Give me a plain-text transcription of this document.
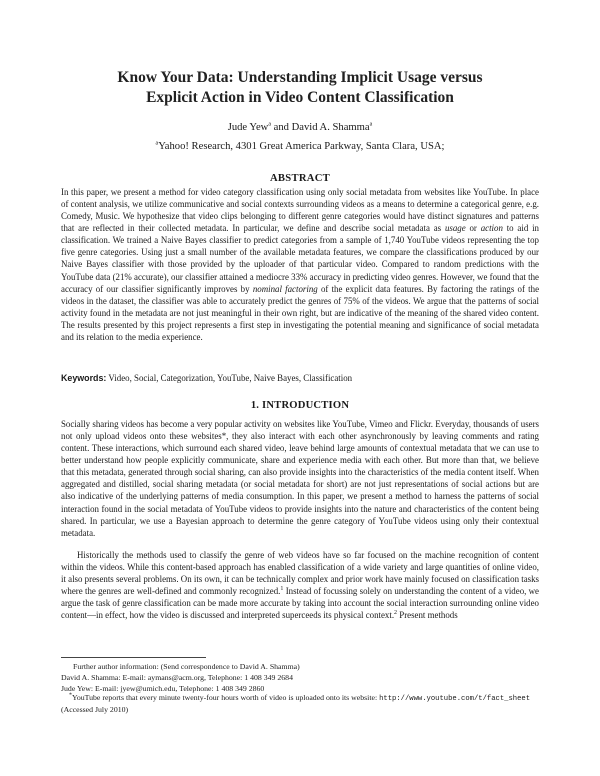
Know Your Data: Understanding Implicit Usage versus
Explicit Action in Video Content Classification
Jude Yew$^a$ and David A. Shamma$^a$
$^a$Yahoo! Research, 4301 Great America Parkway, Santa Clara, USA;
ABSTRACT

In this paper, we present a method for video category classification using only social metadata from websites like YouTube. In place of content analysis, we utilize communicative and social contexts surrounding videos as a means to determine a categorical genre, e.g. Comedy, Music. We hypothesize that video clips belonging to different genre categories would have distinct signatures and patterns that are reflected in their collected metadata. In particular, we define and describe social metadata as usage or action to aid in classification. We trained a Naive Bayes classifier to predict categories from a sample of 1,740 YouTube videos representing the top five genre categories. Using just a small number of the available metadata features, we compare the classifications produced by our Naive Bayes classifier with those provided by the uploader of that particular video. Compared to random predictions with the YouTube data (21% accurate), our classifier attained a mediocre 33% accuracy in predicting video genres. However, we found that the accuracy of our classifier significantly improves by nominal factoring of the explicit data features. By factoring the ratings of the videos in the dataset, the classifier was able to accurately predict the genres of 75% of the videos. We argue that the patterns of social activity found in the metadata are not just meaningful in their own right, but are indicative of the meaning of the shared video content. The results presented by this project represents a first step in investigating the potential meaning and significance of social metadata and its relation to the media experience.

Keywords: Video, Social, Categorization, YouTube, Naive Bayes, Classification

1. INTRODUCTION

Socially sharing videos has become a very popular activity on websites like YouTube, Vimeo and Flickr. Everyday, thousands of users not only upload videos onto these websites*, they also interact with each other asynchronously by leaving comments and rating content. These interactions, which surround each shared video, leave behind large amounts of contextual metadata that we can use to better understand how people explicitly communicate, share and experience media with each other. But more than that, we believe that this metadata, generated through social sharing, can also provide insights into the characteristics of the media content itself. When aggregated and distilled, social sharing metadata (or social metadata for short) are not just representations of social actions but are also indicative of the underlying patterns of media consumption. In this paper, we present a method to harness the patterns of social interaction found in the social metadata of YouTube videos to provide insights into the nature and characteristics of the content being shared. In particular, we use a Bayesian approach to determine the genre category of YouTube videos using only their contextual metadata.

Historically the methods used to classify the genre of web videos have so far focused on the machine recognition of content within the videos. While this content-based approach has enabled classification of a wide variety and large quantities of online video, it also presents several problems. On its own, it can be technically complex and prior work have mainly focused on classification tasks where the genres are well-defined and commonly recognized.$^1$ Instead of focussing solely on understanding the content of a video, we argue the task of genre classification can be made more accurate by taking into account the social interaction surrounding online video content—in effect, how the video is discussed and interpreted superceeds its physical context.$^2$ Present methods

Further author information: (Send correspondence to David A. Shamma)

David A. Shamma: E-mail: aymans@acm.org, Telephone: 1 408 349 2684

Jude Yew: E-mail: jyew@umich.edu, Telephone: 1 408 349 2860

*YouTube reports that every minute twenty-four hours worth of video is uploaded onto its website: http://www.youtube.com/t/fact_sheet (Accessed July 2010)
